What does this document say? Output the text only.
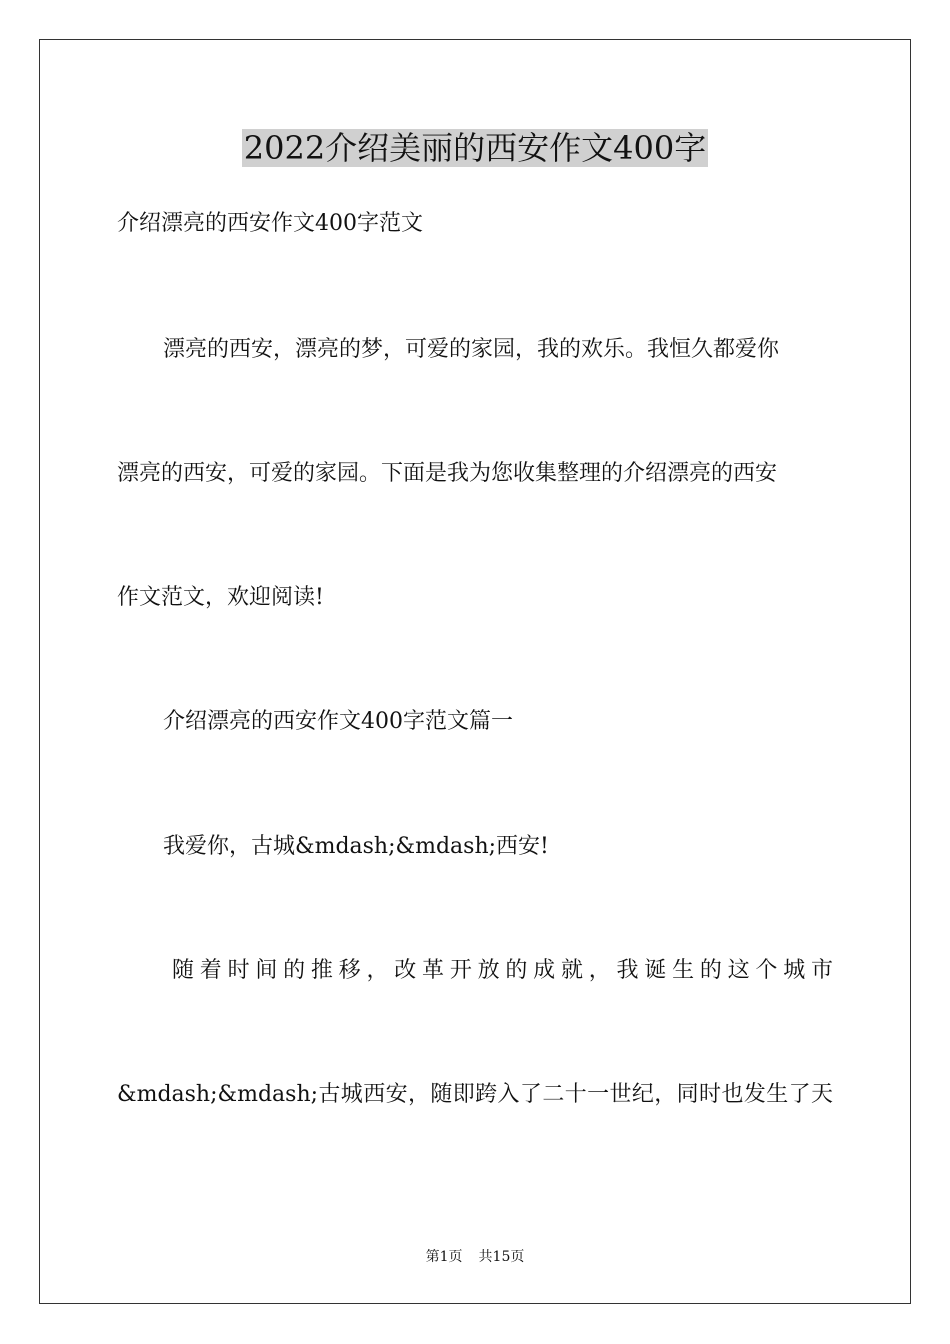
2022介绍美丽的西安作文400字

介绍漂亮的西安作文400字范文

漂亮的西安，漂亮的梦，可爱的家园，我的欢乐。我恒久都爱你

漂亮的西安，可爱的家园。下面是我为您收集整理的介绍漂亮的西安

作文范文，欢迎阅读!

介绍漂亮的西安作文400字范文篇一

我爱你，古城&mdash;&mdash;西安!

随着时间的推移，改革开放的成就，我诞生的这个城市

&mdash;&mdash;古城西安，随即跨入了二十一世纪，同时也发生了天

第1页 共15页
